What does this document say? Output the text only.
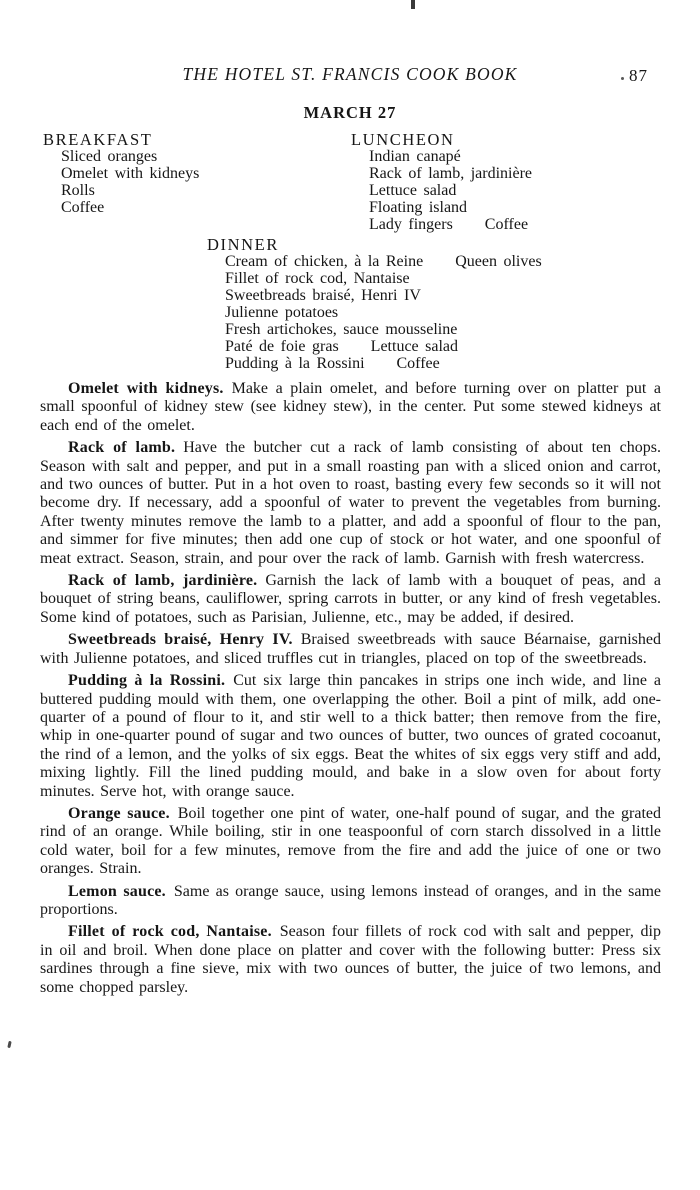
THE HOTEL ST. FRANCIS COOK BOOK	87
MARCH 27
BREAKFAST
Sliced oranges
Omelet with kidneys
Rolls
Coffee
LUNCHEON
Indian canapé
Rack of lamb, jardinière
Lettuce salad
Floating island
Lady fingers  Coffee
DINNER
Cream of chicken, à la Reine  Queen olives
Fillet of rock cod, Nantaise
Sweetbreads braisé, Henri IV
Julienne potatoes
Fresh artichokes, sauce mousseline
Paté de foie gras  Lettuce salad
Pudding à la Rossini  Coffee

Omelet with kidneys. Make a plain omelet, and before turning over on platter put a small spoonful of kidney stew (see kidney stew), in the center. Put some stewed kidneys at each end of the omelet.

Rack of lamb. Have the butcher cut a rack of lamb consisting of about ten chops. Season with salt and pepper, and put in a small roasting pan with a sliced onion and carrot, and two ounces of butter. Put in a hot oven to roast, basting every few seconds so it will not become dry. If necessary, add a spoonful of water to prevent the vegetables from burning. After twenty minutes remove the lamb to a platter, and add a spoonful of flour to the pan, and simmer for five minutes; then add one cup of stock or hot water, and one spoonful of meat extract. Season, strain, and pour over the rack of lamb. Garnish with fresh watercress.

Rack of lamb, jardinière. Garnish the lack of lamb with a bouquet of peas, and a bouquet of string beans, cauliflower, spring carrots in butter, or any kind of fresh vegetables. Some kind of potatoes, such as Parisian, Julienne, etc., may be added, if desired.

Sweetbreads braisé, Henry IV. Braised sweetbreads with sauce Béarnaise, garnished with Julienne potatoes, and sliced truffles cut in triangles, placed on top of the sweetbreads.

Pudding à la Rossini. Cut six large thin pancakes in strips one inch wide, and line a buttered pudding mould with them, one overlapping the other. Boil a pint of milk, add one-quarter of a pound of flour to it, and stir well to a thick batter; then remove from the fire, whip in one-quarter pound of sugar and two ounces of butter, two ounces of grated cocoanut, the rind of a lemon, and the yolks of six eggs. Beat the whites of six eggs very stiff and add, mixing lightly. Fill the lined pudding mould, and bake in a slow oven for about forty minutes. Serve hot, with orange sauce.

Orange sauce. Boil together one pint of water, one-half pound of sugar, and the grated rind of an orange. While boiling, stir in one teaspoonful of corn starch dissolved in a little cold water, boil for a few minutes, remove from the fire and add the juice of one or two oranges. Strain.

Lemon sauce. Same as orange sauce, using lemons instead of oranges, and in the same proportions.

Fillet of rock cod, Nantaise. Season four fillets of rock cod with salt and pepper, dip in oil and broil. When done place on platter and cover with the following butter: Press six sardines through a fine sieve, mix with two ounces of butter, the juice of two lemons, and some chopped parsley.
